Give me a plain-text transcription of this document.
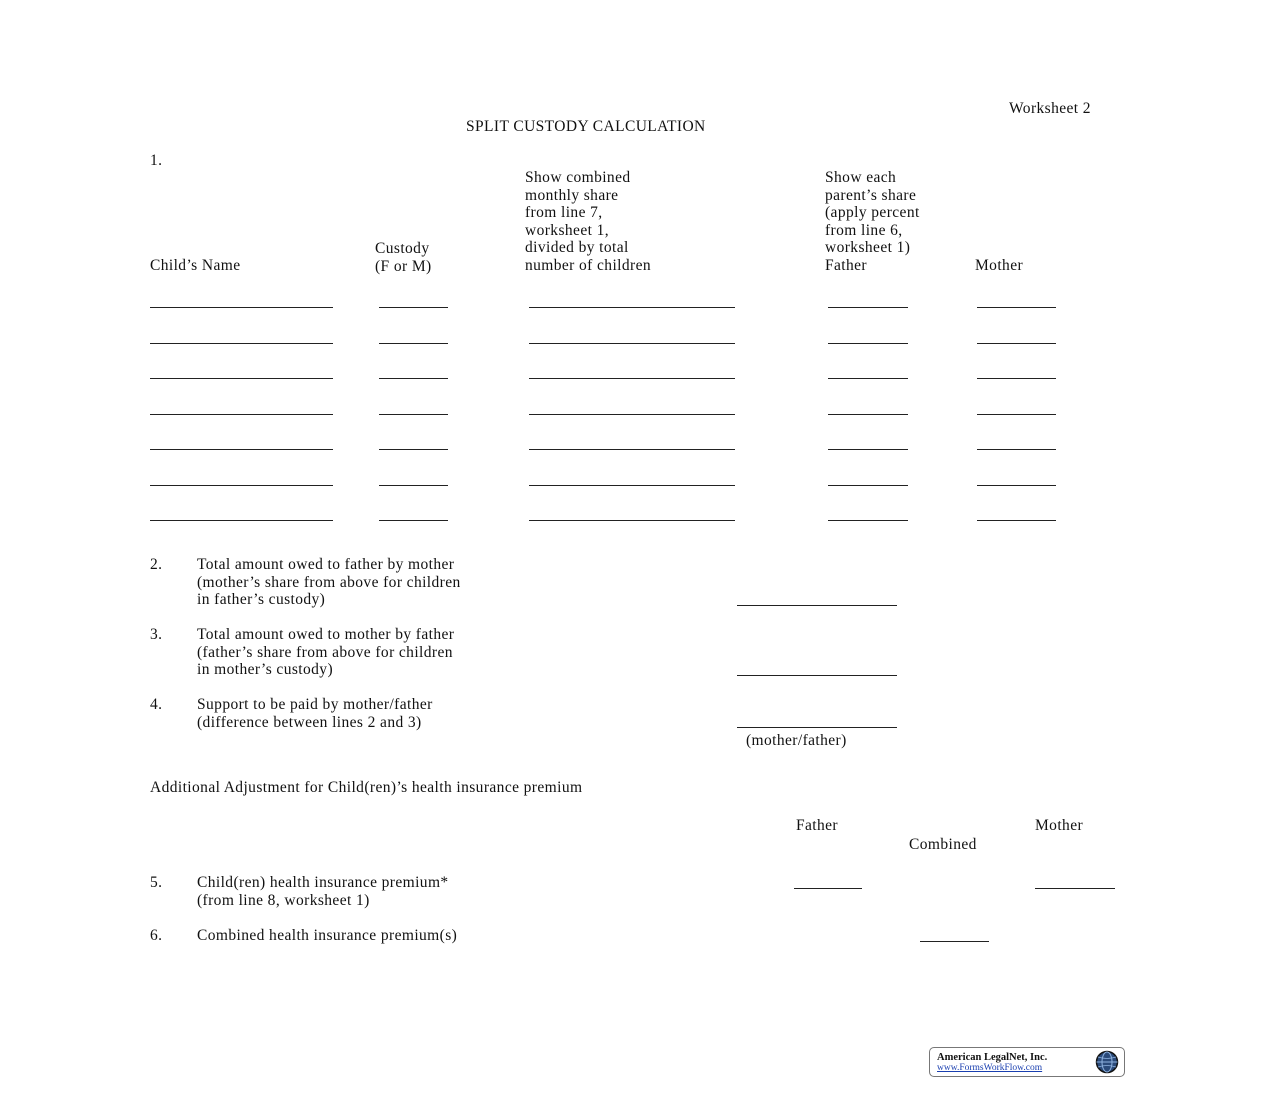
Worksheet 2
SPLIT CUSTODY CALCULATION
1.
Child’s Name
Custody
(F or M)
Show combined
monthly share
from line 7,
worksheet 1,
divided by total
number of children
Show each
parent’s share
(apply percent
from line 6,
worksheet 1)
Father	Mother
2. Total amount owed to father by mother
(mother’s share from above for children
in father’s custody)
3. Total amount owed to mother by father
(father’s share from above for children
in mother’s custody)
4. Support to be paid by mother/father
(difference between lines 2 and 3)
(mother/father)
Additional Adjustment for Child(ren)’s health insurance premium
Father	Mother
Combined
5. Child(ren) health insurance premium*
(from line 8, worksheet 1)
6. Combined health insurance premium(s)
American LegalNet, Inc.
www.FormsWorkFlow.com
